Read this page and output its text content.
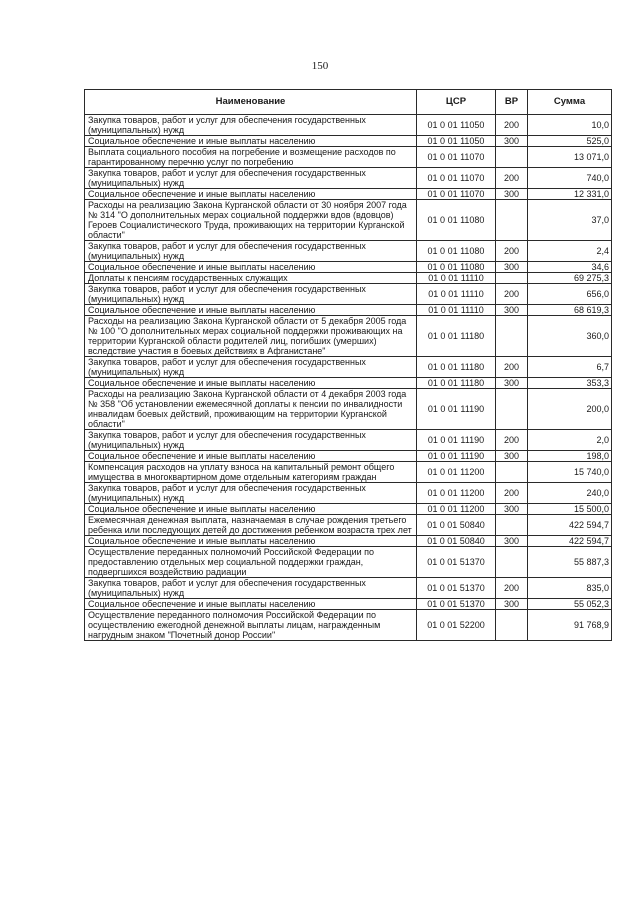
150
Наименование	ЦСР	ВР	Сумма
Закупка товаров, работ и услуг для обеспечения государственных (муниципальных) нужд	01 0 01 11050	200	10,0
Социальное обеспечение и иные выплаты населению	01 0 01 11050	300	525,0
Выплата социального пособия на погребение и возмещение расходов по гарантированному перечню услуг по погребению	01 0 01 11070		13 071,0
Закупка товаров, работ и услуг для обеспечения государственных (муниципальных) нужд	01 0 01 11070	200	740,0
Социальное обеспечение и иные выплаты населению	01 0 01 11070	300	12 331,0
Расходы на реализацию Закона Курганской области от 30 ноября 2007 года № 314 "О дополнительных мерах социальной поддержки вдов (вдовцов) Героев Социалистического Труда, проживающих на территории Курганской области"	01 0 01 11080		37,0
Закупка товаров, работ и услуг для обеспечения государственных (муниципальных) нужд	01 0 01 11080	200	2,4
Социальное обеспечение и иные выплаты населению	01 0 01 11080	300	34,6
Доплаты к пенсиям государственных служащих	01 0 01 11110		69 275,3
Закупка товаров, работ и услуг для обеспечения государственных (муниципальных) нужд	01 0 01 11110	200	656,0
Социальное обеспечение и иные выплаты населению	01 0 01 11110	300	68 619,3
Расходы на реализацию Закона Курганской области от 5 декабря 2005 года № 100 "О дополнительных мерах социальной поддержки проживающих на территории Курганской области родителей лиц, погибших (умерших) вследствие участия в боевых действиях в Афганистане"	01 0 01 11180		360,0
Закупка товаров, работ и услуг для обеспечения государственных (муниципальных) нужд	01 0 01 11180	200	6,7
Социальное обеспечение и иные выплаты населению	01 0 01 11180	300	353,3
Расходы на реализацию Закона Курганской области от 4 декабря 2003 года № 358 "Об установлении ежемесячной доплаты к пенсии по инвалидности инвалидам боевых действий, проживающим на территории Курганской области"	01 0 01 11190		200,0
Закупка товаров, работ и услуг для обеспечения государственных (муниципальных) нужд	01 0 01 11190	200	2,0
Социальное обеспечение и иные выплаты населению	01 0 01 11190	300	198,0
Компенсация расходов на уплату взноса на капитальный ремонт общего имущества в многоквартирном доме отдельным категориям граждан	01 0 01 11200		15 740,0
Закупка товаров, работ и услуг для обеспечения государственных (муниципальных) нужд	01 0 01 11200	200	240,0
Социальное обеспечение и иные выплаты населению	01 0 01 11200	300	15 500,0
Ежемесячная денежная выплата, назначаемая в случае рождения третьего ребенка или последующих детей до достижения ребенком возраста трех лет	01 0 01 50840		422 594,7
Социальное обеспечение и иные выплаты населению	01 0 01 50840	300	422 594,7
Осуществление переданных полномочий Российской Федерации по предоставлению отдельных мер социальной поддержки граждан, подвергшихся воздействию радиации	01 0 01 51370		55 887,3
Закупка товаров, работ и услуг для обеспечения государственных (муниципальных) нужд	01 0 01 51370	200	835,0
Социальное обеспечение и иные выплаты населению	01 0 01 51370	300	55 052,3
Осуществление переданного полномочия Российской Федерации по осуществлению ежегодной денежной выплаты лицам, награжденным нагрудным знаком "Почетный донор России"	01 0 01 52200		91 768,9
